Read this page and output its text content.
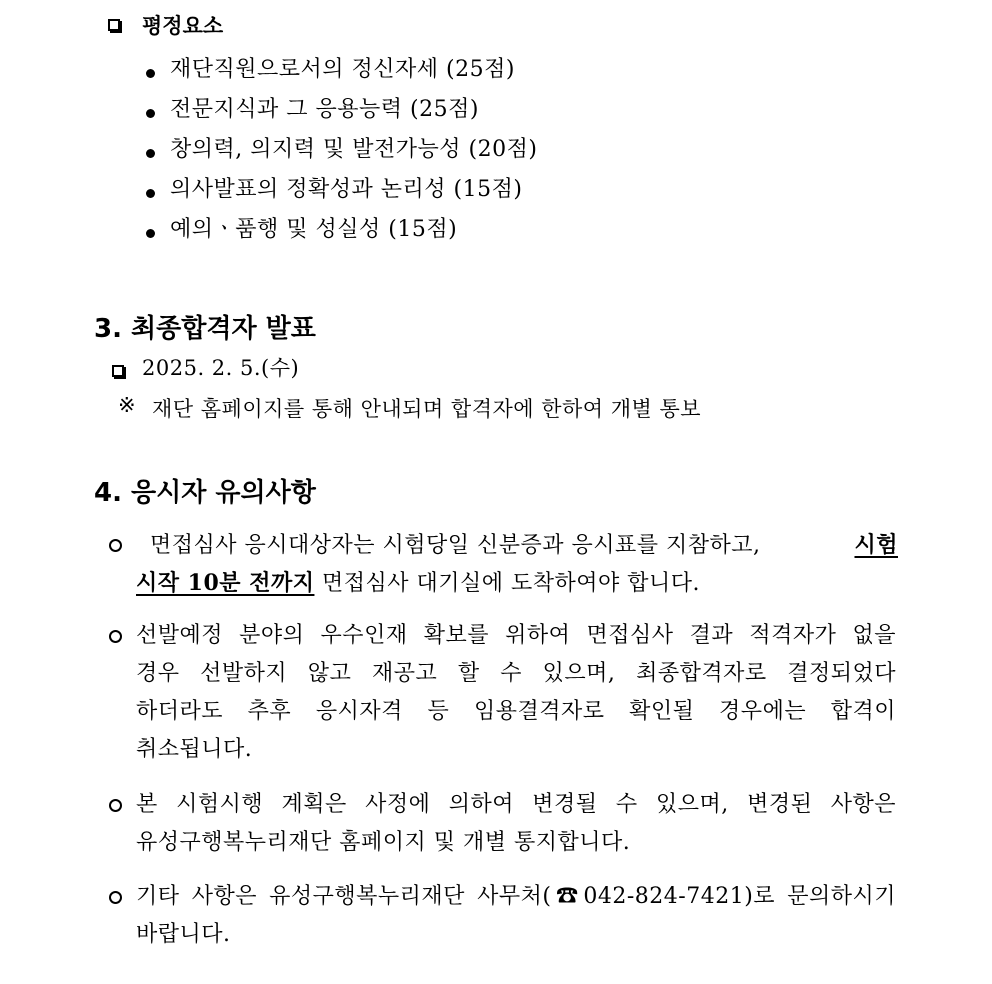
평정요소
재단직원으로서의 정신자세 (25점)
전문지식과 그 응용능력 (25점)
창의력, 의지력 및 발전가능성 (20점)
의사발표의 정확성과 논리성 (15점)
예의ㆍ품행 및 성실성 (15점)
3. 최종합격자 발표
2025. 2. 5.(수)
※ 재단 홈페이지를 통해 안내되며 합격자에 한하여 개별 통보
4. 응시자 유의사항
면접심사 응시대상자는 시험당일 신분증과 응시표를 지참하고,	시험
시작 10분 전까지 면접심사 대기실에 도착하여야 합니다.
선발예정 분야의 우수인재 확보를 위하여 면접심사 결과 적격자가 없을
경우 선발하지 않고 재공고 할 수 있으며, 최종합격자로 결정되었다
하더라도 추후 응시자격 등 임용결격자로 확인될 경우에는 합격이
취소됩니다.
본 시험시행 계획은 사정에 의하여 변경될 수 있으며, 변경된 사항은
유성구행복누리재단 홈페이지 및 개별 통지합니다.
기타 사항은 유성구행복누리재단 사무처(☎042-824-7421)로 문의하시기
바랍니다.
